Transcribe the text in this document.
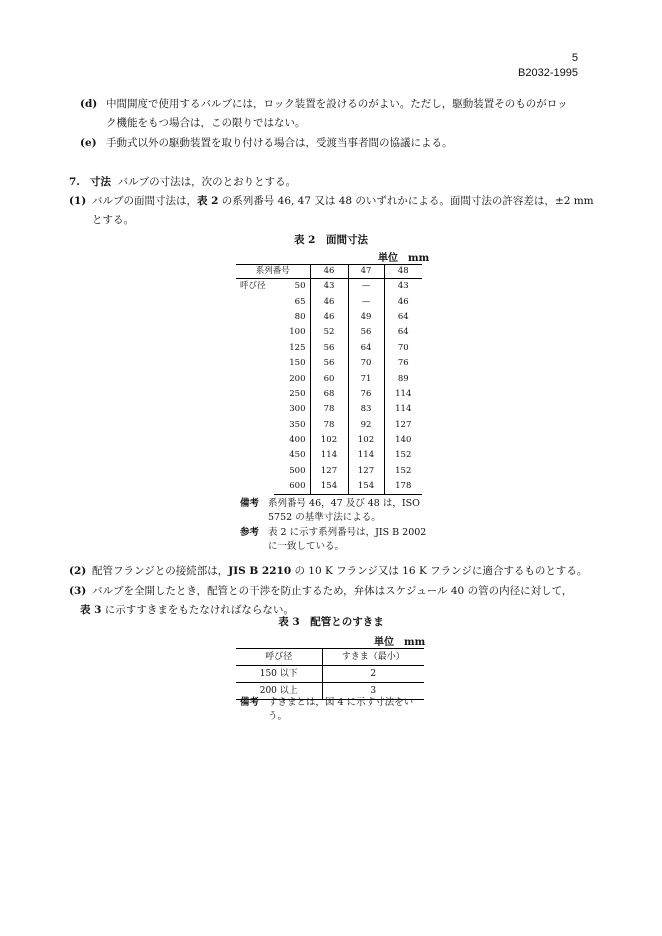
5
B2032-1995
(d) 中間開度で使用するバルブには，ロック装置を設けるのがよい。ただし，駆動装置そのものがロッ
ク機能をもつ場合は，この限りではない。
(e) 手動式以外の駆動装置を取り付ける場合は，受渡当事者間の協議による。
7. 寸法 バルブの寸法は，次のとおりとする。
(1) バルブの面間寸法は，表 2 の系列番号 46, 47 又は 48 のいずれかによる。面間寸法の許容差は，±2 mm
とする。
表 2　面間寸法
単位　mm
系列番号		46	47	48
呼び径	50	43	—	43
	65	46	—	46
	80	46	49	64
	100	52	56	64
	125	56	64	70
	150	56	70	76
	200	60	71	89
	250	68	76	114
	300	78	83	114
	350	78	92	127
	400	102	102	140
	450	114	114	152
	500	127	127	152
	600	154	154	178
備考 系列番号 46，47 及び 48 は，ISO
5752 の基準寸法による。
参考 表 2 に示す系列番号は，JIS B 2002
に一致している。
(2) 配管フランジとの接続部は，JIS B 2210 の 10 K フランジ又は 16 K フランジに適合するものとする。
(3) バルブを全開したとき，配管との干渉を防止するため，弁体はスケジュール 40 の管の内径に対して，
表 3 に示すすきまをもたなければならない。
表 3　配管とのすきま
単位　mm
呼び径	すきま（最小）
150 以下	2
200 以上	3
備考 すきまとは，図 4 に示す寸法をい
う。
